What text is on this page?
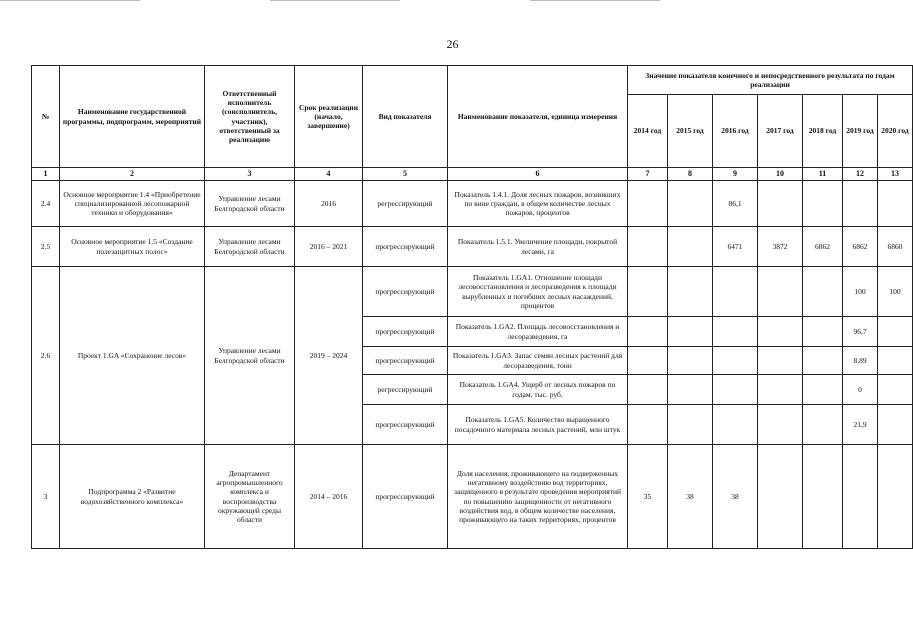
26
№	Наименование государственной программы, подпрограмм, мероприятий	Ответственный исполнитель (соисполнитель, участник), ответственный за реализацию	Срок реализации (начало, завершение)	Вид показателя	Наименование показателя, единица измерения	Значение показателя конечного и непосредственного результата по годам реализации						
						2014 год	2015 год	2016 год	2017 год	2018 год	2019 год	2020 год
1	2	3	4	5	6	7	8	9	10	11	12	13
2.4	Основное мероприятие 1.4 «Приобретение специализированной лесопожарной техники и оборудования»	Управление лесами Белгородской области	2016	регрессирующий	Показатель 1.4.1. Доля лесных пожаров, возникших по вине граждан, в общем количестве лесных пожаров, процентов			86,1				
2.5	Основное мероприятие 1.5 «Создание полезащитных полос»	Управление лесами Белгородской области	2016 – 2021	прогрессирующий	Показатель 1.5.1. Увеличение площади, покрытой лесами, га			6471	3872	6862	6862	6860
2.6	Проект 1.GA «Сохранение лесов»	Управление лесами Белгородской области	2019 – 2024	прогрессирующий	Показатель 1.GA1. Отношение площади лесовосстановления и лесоразведения к площади вырубленных и погибших лесных насаждений, процентов						100	100
				прогрессирующий	Показатель 1.GA2. Площадь лесовосстановления и лесоразведения, га						96,7	
				прогрессирующий	Показатель 1.GA3. Запас семян лесных растений для лесоразведения, тонн						8,89	
				регрессирующий	Показатель 1.GA4. Ущерб от лесных пожаров по годам, тыс. руб.						0	
				прогрессирующий	Показатель 1.GA5. Количество выращенного посадочного материала лесных растений, млн штук						21,9	
3	Подпрограмма 2 «Развитие водохозяйственного комплекса»	Департамент агропромышленного комплекса и воспроизводства окружающей среды области	2014 – 2016	прогрессирующий	Доля населения, проживающего на подверженных негативному воздействию вод территориях, защищенного в результате проведения мероприятий по повышению защищенности от негативного воздействия вод, в общем количестве населения, проживающего на таких территориях, процентов	35	38	38				
